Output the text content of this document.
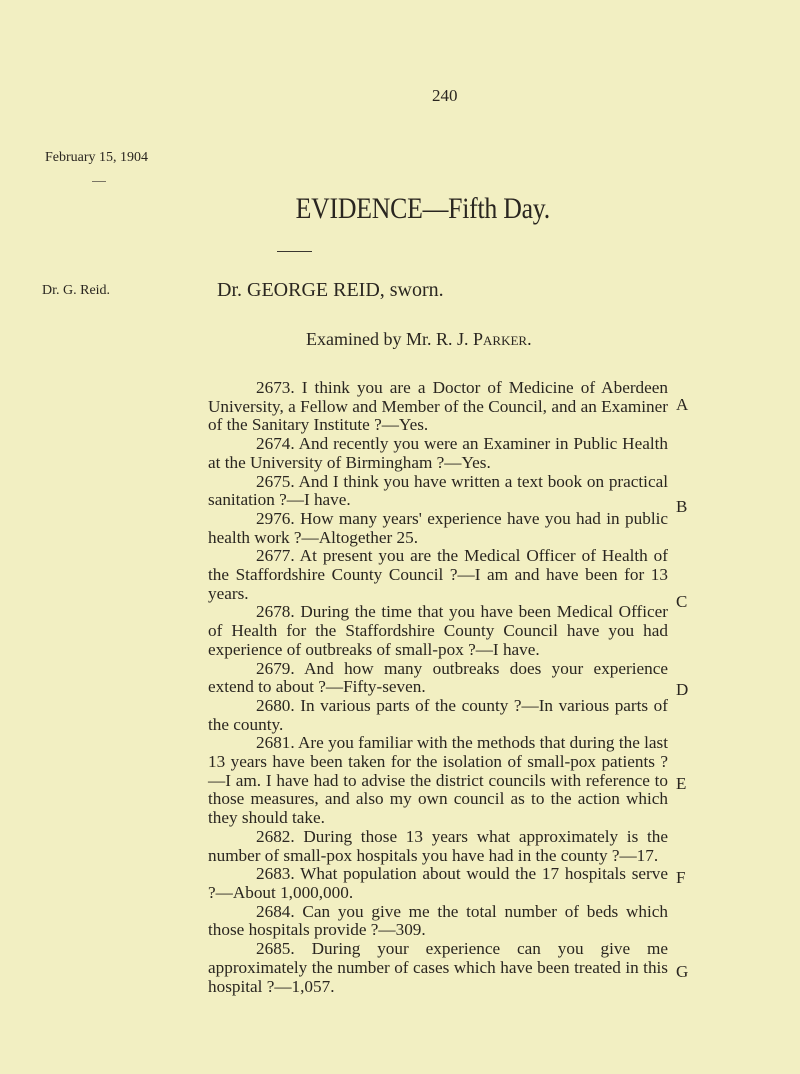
240
February 15, 1904
EVIDENCE—Fifth Day.
Dr. G. Reid.	Dr. GEORGE REID, sworn.
Examined by Mr. R. J. Parker.

2673. I think you are a Doctor of Medicine of Aberdeen University, a Fellow and Member of the Council, and an Examiner of the Sanitary Institute ?—Yes.

2674. And recently you were an Examiner in Public Health at the University of Birmingham ?—Yes.

2675. And I think you have written a text book on practical sanitation ?—I have.

2976. How many years' experience have you had in public health work ?—Altogether 25.

2677. At present you are the Medical Officer of Health of the Staffordshire County Council ?—I am and have been for 13 years.

2678. During the time that you have been Medical Officer of Health for the Staffordshire County Council have you had experience of outbreaks of small-pox ?—I have.

2679. And how many outbreaks does your experience extend to about ?—Fifty-seven.

2680. In various parts of the county ?—In various parts of the county.

2681. Are you familiar with the methods that during the last 13 years have been taken for the isolation of small-pox patients ?—I am. I have had to advise the district councils with reference to those measures, and also my own council as to the action which they should take.

2682. During those 13 years what approximately is the number of small-pox hospitals you have had in the county ?—17.

2683. What population about would the 17 hospitals serve ?—About 1,000,000.

2684. Can you give me the total number of beds which those hospitals provide ?—309.

2685. During your experience can you give me approximately the number of cases which have been treated in this hospital ?—1,057.

A
B
C
D
E
F
G
